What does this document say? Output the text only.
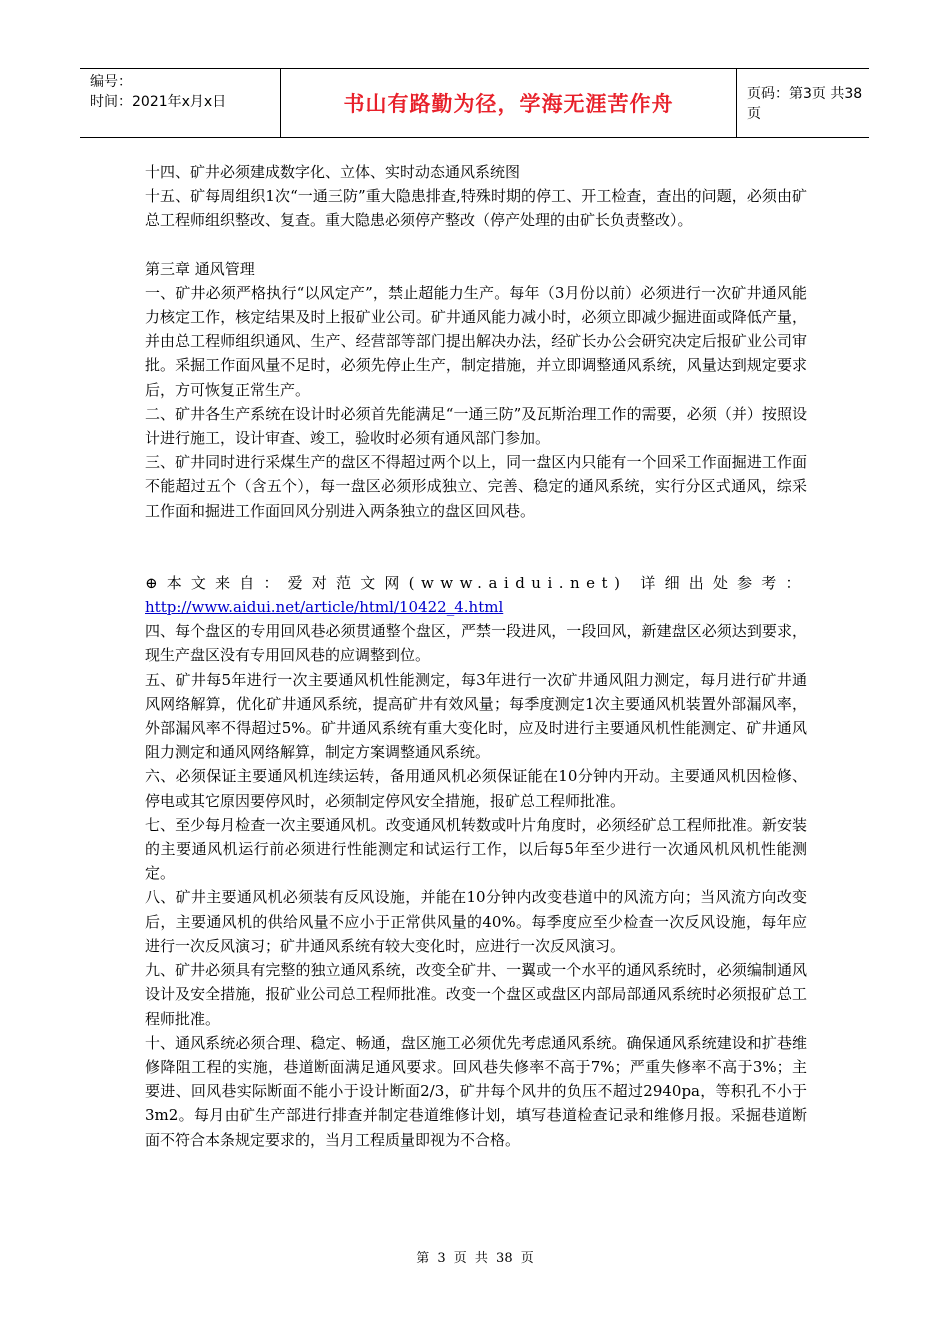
编号：
时间：2021年x月x日	书山有路勤为径，学海无涯苦作舟	页码：第3页 共38页

十四、矿井必须建成数字化、立体、实时动态通风系统图

十五、矿每周组织1次“一通三防”重大隐患排查,特殊时期的停工、开工检查，查出的问题，必须由矿总工程师组织整改、复查。重大隐患必须停产整改（停产处理的由矿长负责整改）。

第三章 通风管理

一、矿井必须严格执行“以风定产”，禁止超能力生产。每年（3月份以前）必须进行一次矿井通风能力核定工作，核定结果及时上报矿业公司。矿井通风能力减小时，必须立即减少掘进面或降低产量，并由总工程师组织通风、生产、经营部等部门提出解决办法，经矿长办公会研究决定后报矿业公司审批。采掘工作面风量不足时，必须先停止生产，制定措施，并立即调整通风系统，风量达到规定要求后，方可恢复正常生产。

二、矿井各生产系统在设计时必须首先能满足“一通三防”及瓦斯治理工作的需要，必须（并）按照设计进行施工，设计审查、竣工，验收时必须有通风部门参加。

三、矿井同时进行采煤生产的盘区不得超过两个以上，同一盘区内只能有一个回采工作面掘进工作面不能超过五个（含五个），每一盘区必须形成独立、完善、稳定的通风系统，实行分区式通风，综采工作面和掘进工作面回风分别进入两条独立的盘区回风巷。

⊕本文来自：爱对范文网(www.aidui.net) 详细出处参考：http://www.aidui.net/article/html/10422_4.html

四、每个盘区的专用回风巷必须贯通整个盘区，严禁一段进风，一段回风，新建盘区必须达到要求，现生产盘区没有专用回风巷的应调整到位。

五、矿井每5年进行一次主要通风机性能测定，每3年进行一次矿井通风阻力测定，每月进行矿井通风网络解算，优化矿井通风系统，提高矿井有效风量；每季度测定1次主要通风机装置外部漏风率，外部漏风率不得超过5%。矿井通风系统有重大变化时，应及时进行主要通风机性能测定、矿井通风阻力测定和通风网络解算，制定方案调整通风系统。

六、必须保证主要通风机连续运转，备用通风机必须保证能在10分钟内开动。主要通风机因检修、停电或其它原因要停风时，必须制定停风安全措施，报矿总工程师批准。

七、至少每月检查一次主要通风机。改变通风机转数或叶片角度时，必须经矿总工程师批准。新安装的主要通风机运行前必须进行性能测定和试运行工作，以后每5年至少进行一次通风机风机性能测定。

八、矿井主要通风机必须装有反风设施，并能在10分钟内改变巷道中的风流方向；当风流方向改变后，主要通风机的供给风量不应小于正常供风量的40%。每季度应至少检查一次反风设施，每年应进行一次反风演习；矿井通风系统有较大变化时，应进行一次反风演习。

九、矿井必须具有完整的独立通风系统，改变全矿井、一翼或一个水平的通风系统时，必须编制通风设计及安全措施，报矿业公司总工程师批准。改变一个盘区或盘区内部局部通风系统时必须报矿总工程师批准。

十、通风系统必须合理、稳定、畅通，盘区施工必须优先考虑通风系统。确保通风系统建设和扩巷维修降阻工程的实施，巷道断面满足通风要求。回风巷失修率不高于7%；严重失修率不高于3%；主要进、回风巷实际断面不能小于设计断面2/3，矿井每个风井的负压不超过2940pa，等积孔不小于3m2。每月由矿生产部进行排查并制定巷道维修计划，填写巷道检查记录和维修月报。采掘巷道断面不符合本条规定要求的，当月工程质量即视为不合格。

第 3 页 共 38 页
